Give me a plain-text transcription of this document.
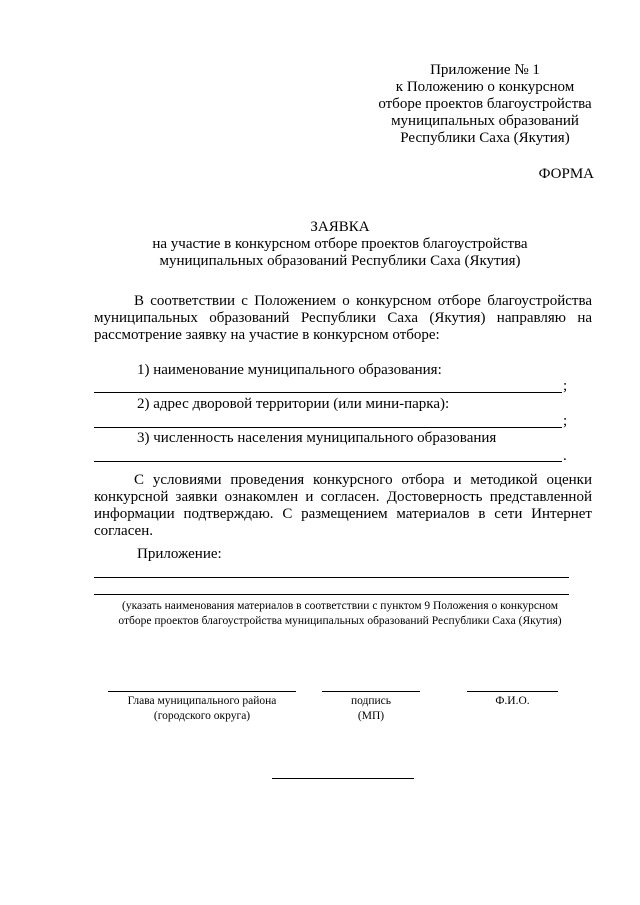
Приложение № 1
к Положению о конкурсном
отборе проектов благоустройства
муниципальных образований
Республики Саха (Якутия)
ФОРМА
ЗАЯВКА
на участие в конкурсном отборе проектов благоустройства
муниципальных образований Республики Саха (Якутия)
В соответствии с Положением о конкурсном отборе благоустройства муниципальных образований Республики Саха (Якутия) направляю на рассмотрение заявку на участие в конкурсном отборе:
1) наименование муниципального образования:
;
2) адрес дворовой территории (или мини-парка):
;
3) численность населения муниципального образования
.
С условиями проведения конкурсного отбора и методикой оценки конкурсной заявки ознакомлен и согласен. Достоверность представленной информации подтверждаю. С размещением материалов в сети Интернет согласен.
Приложение:
(указать наименования материалов в соответствии с пунктом 9 Положения о конкурсном
отборе проектов благоустройства муниципальных образований Республики Саха (Якутия)
Глава муниципального района
(городского округа)
подпись
(МП)
Ф.И.О.
